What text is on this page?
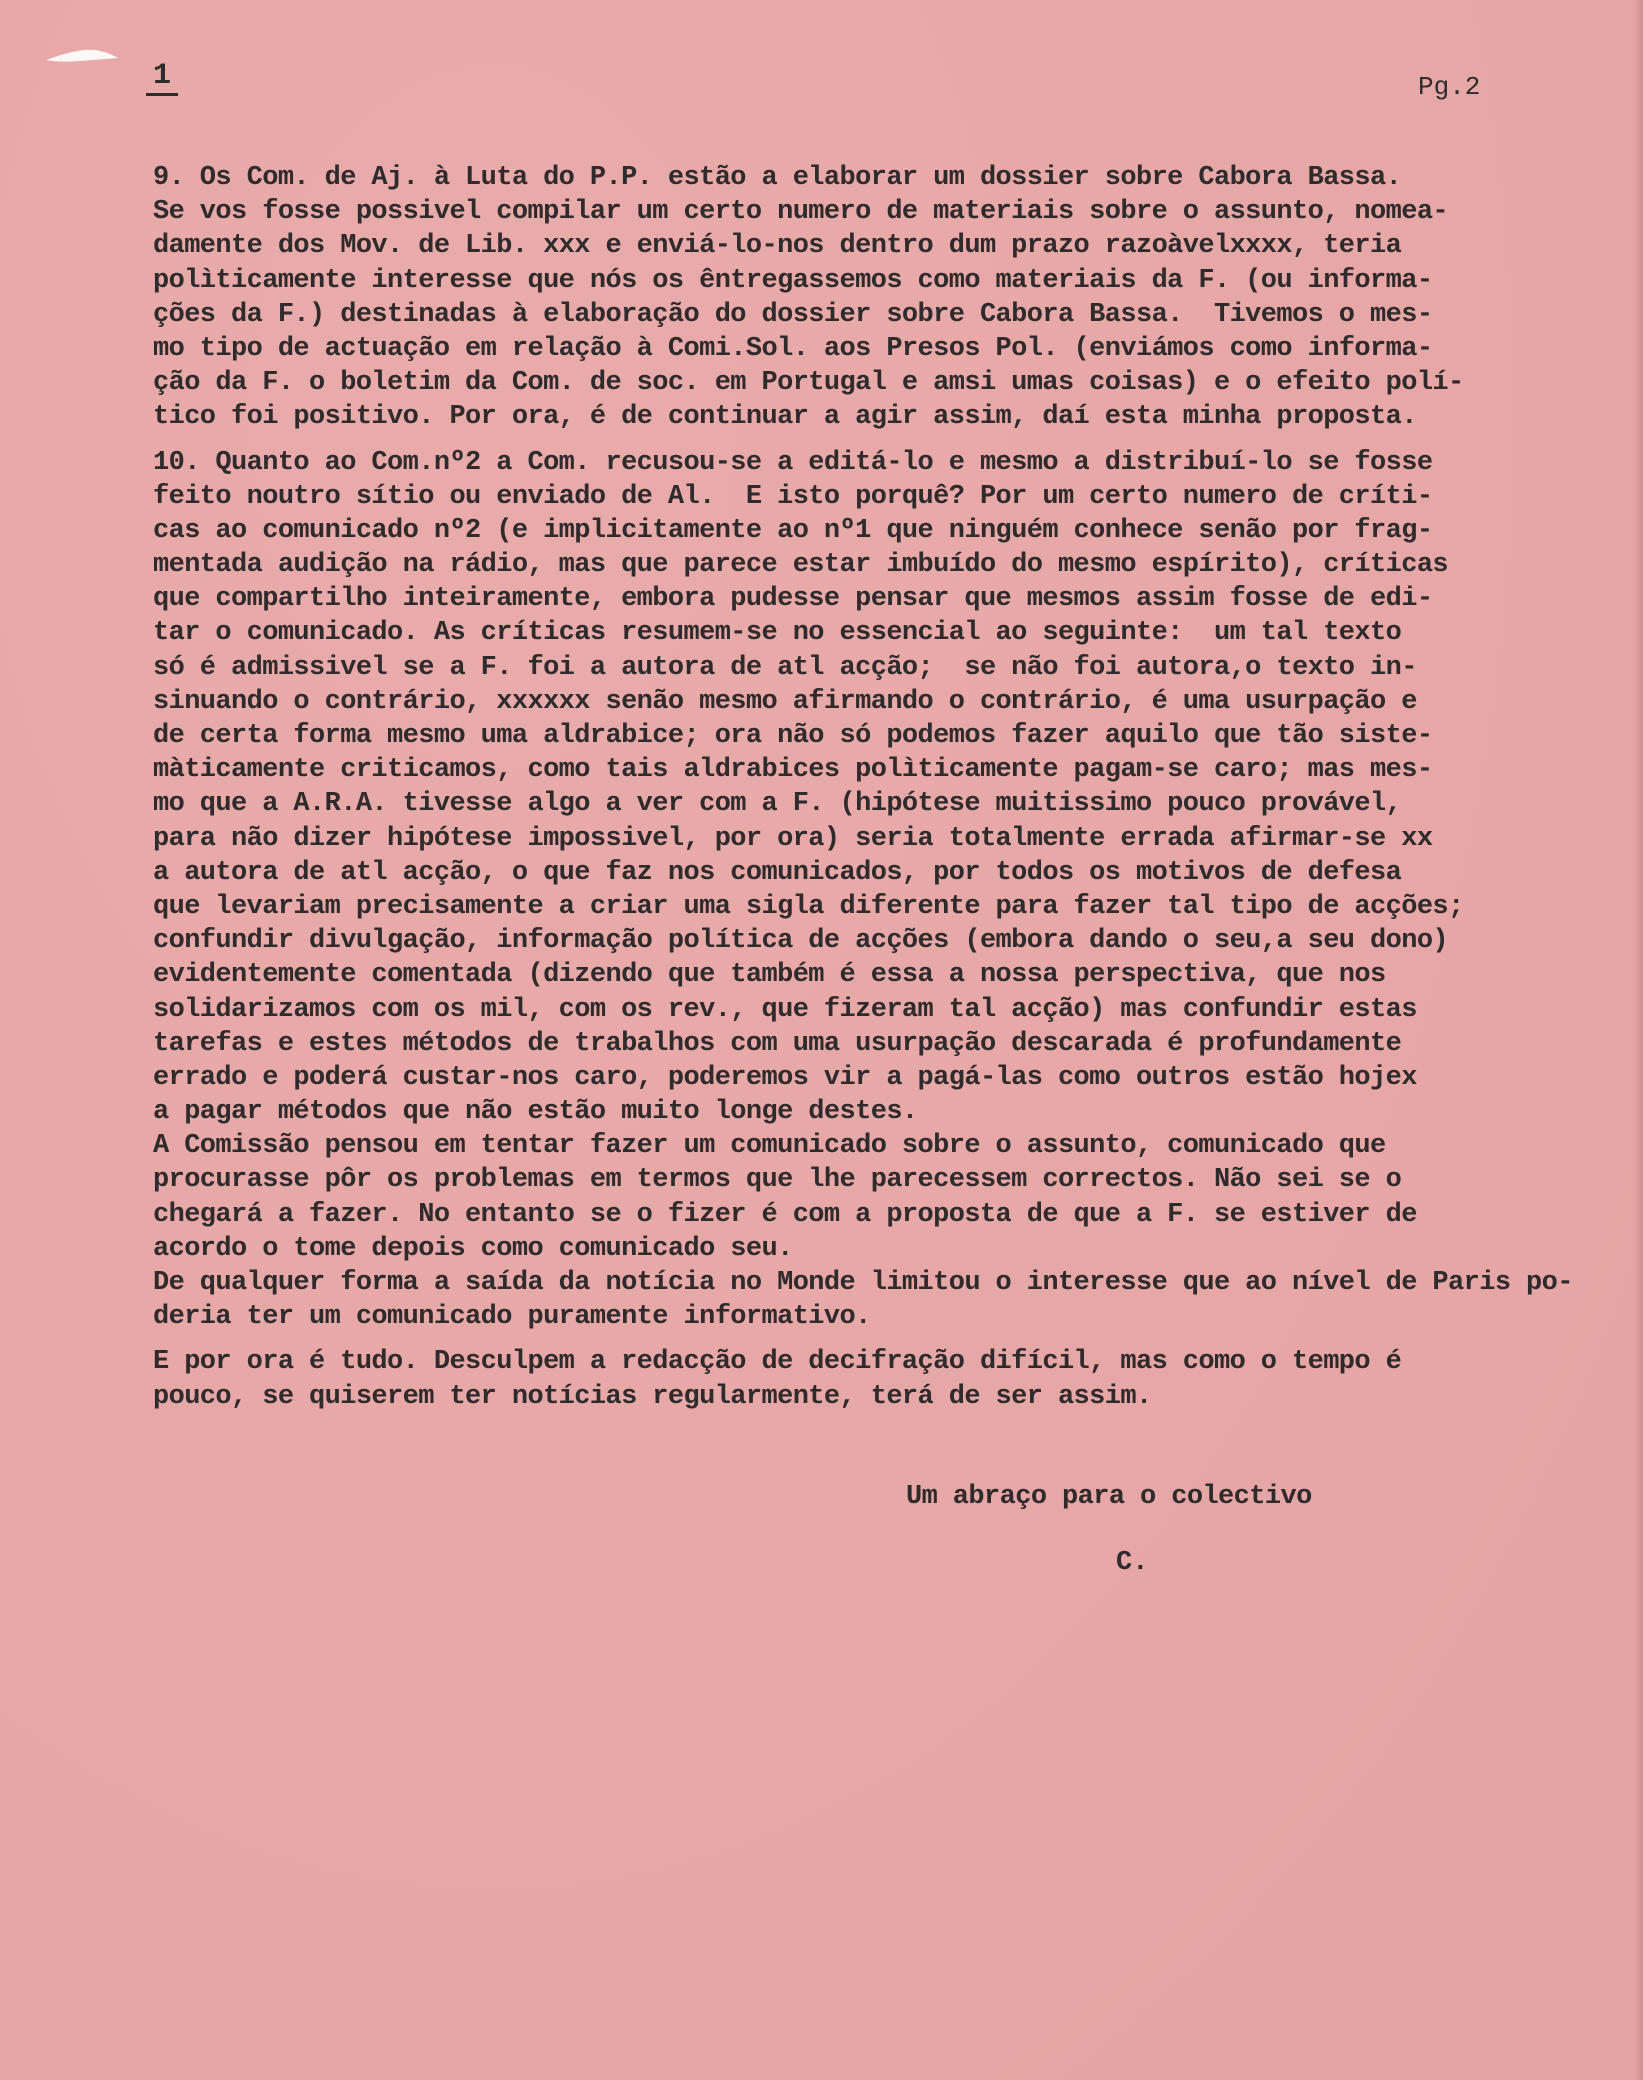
1	Pg.2
9. Os Com. de Aj. à Luta do P.P. estão a elaborar um dossier sobre Cabora Bassa.
Se vos fosse possivel compilar um certo numero de materiais sobre o assunto, nomea-
damente dos Mov. de Lib. xxx e enviá-lo-nos dentro dum prazo razoàvelxxxx, teria
polìticamente interesse que nós os êntregassemos como materiais da F. (ou informa-
ções da F.) destinadas à elaboração do dossier sobre Cabora Bassa.  Tivemos o mes-
mo tipo de actuação em relação à Comi.Sol. aos Presos Pol. (enviámos como informa-
ção da F. o boletim da Com. de soc. em Portugal e amsi umas coisas) e o efeito polí-
tico foi positivo. Por ora, é de continuar a agir assim, daí esta minha proposta.
10. Quanto ao Com.nº2 a Com. recusou-se a editá-lo e mesmo a distribuí-lo se fosse
feito noutro sítio ou enviado de Al.  E isto porquê? Por um certo numero de críti-
cas ao comunicado nº2 (e implicitamente ao nº1 que ninguém conhece senão por frag-
mentada audição na rádio, mas que parece estar imbuído do mesmo espírito), críticas
que compartilho inteiramente, embora pudesse pensar que mesmos assim fosse de edi-
tar o comunicado. As críticas resumem-se no essencial ao seguinte:  um tal texto
só é admissivel se a F. foi a autora de atl acção;  se não foi autora,o texto in-
sinuando o contrário, xxxxxx senão mesmo afirmando o contrário, é uma usurpação e
de certa forma mesmo uma aldrabice; ora não só podemos fazer aquilo que tão siste-
màticamente criticamos, como tais aldrabices polìticamente pagam-se caro; mas mes-
mo que a A.R.A. tivesse algo a ver com a F. (hipótese muitissimo pouco provável,
para não dizer hipótese impossivel, por ora) seria totalmente errada afirmar-se xx
a autora de atl acção, o que faz nos comunicados, por todos os motivos de defesa
que levariam precisamente a criar uma sigla diferente para fazer tal tipo de acções;
confundir divulgação, informação política de acções (embora dando o seu,a seu dono)
evidentemente comentada (dizendo que também é essa a nossa perspectiva, que nos
solidarizamos com os mil, com os rev., que fizeram tal acção) mas confundir estas
tarefas e estes métodos de trabalhos com uma usurpação descarada é profundamente
errado e poderá custar-nos caro, poderemos vir a pagá-las como outros estão hojex
a pagar métodos que não estão muito longe destes.
A Comissão pensou em tentar fazer um comunicado sobre o assunto, comunicado que
procurasse pôr os problemas em termos que lhe parecessem correctos. Não sei se o
chegará a fazer. No entanto se o fizer é com a proposta de que a F. se estiver de
acordo o tome depois como comunicado seu.
De qualquer forma a saída da notícia no Monde limitou o interesse que ao nível de Paris po-
deria ter um comunicado puramente informativo.
E por ora é tudo. Desculpem a redacção de decifração difícil, mas como o tempo é
pouco, se quiserem ter notícias regularmente, terá de ser assim.
Um abraço para o colectivo
C.
